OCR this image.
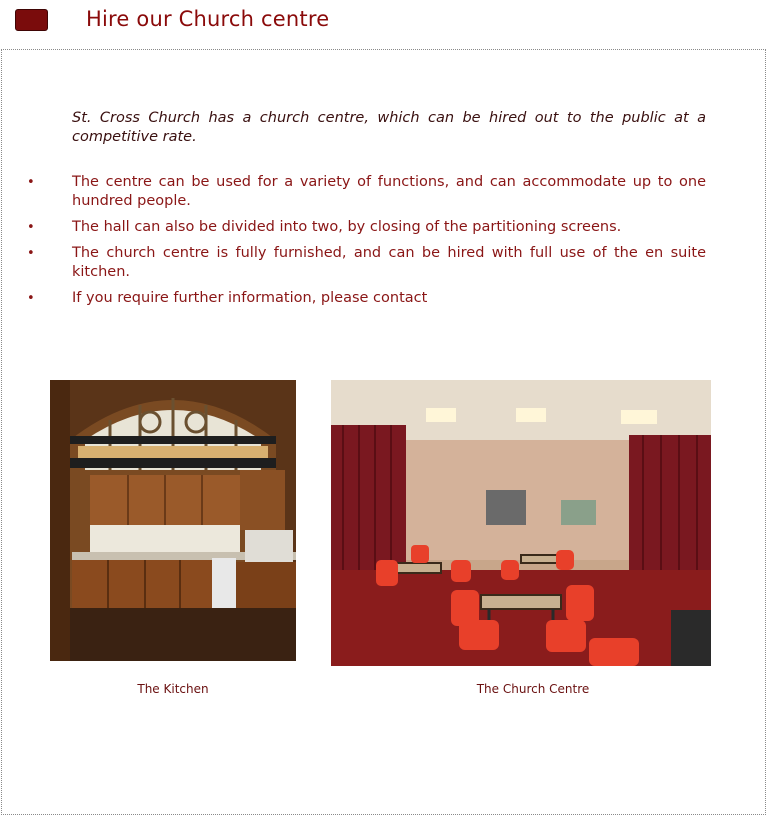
Hire our Church centre

St. Cross Church has a church centre, which can be hired out to the public at a competitive rate.

•	The centre can be used for a variety of functions, and can accommodate up to one hundred people.
•	The hall can also be divided into two, by closing of the partitioning screens.
•	The church centre is fully furnished, and can be hired with full use of the en suite kitchen.
•	If you require further information, please contact
The Kitchen	The Church Centre
